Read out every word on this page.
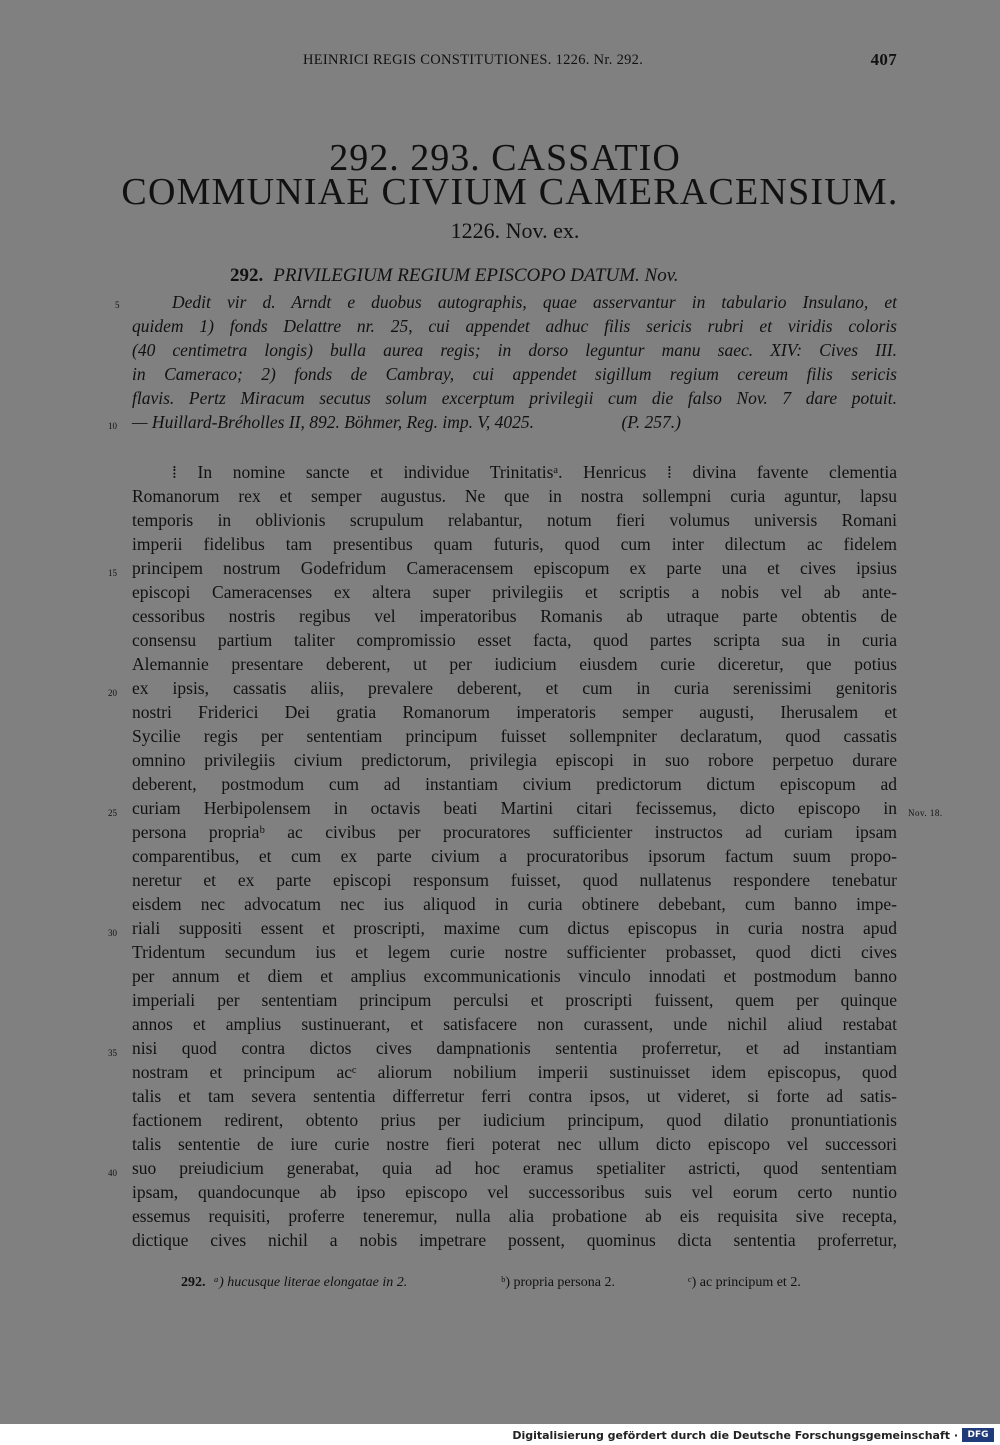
HEINRICI REGIS CONSTITUTIONES. 1226. Nr. 292.	407
292. 293. CASSATIO
COMMUNIAE CIVIUM CAMERACENSIUM.
1226. Nov. ex.
292. PRIVILEGIUM REGIUM EPISCOPO DATUM. Nov.
Dedit vir d. Arndt e duobus autographis, quae asservantur in tabulario Insulano, et
quidem 1) fonds Delattre nr. 25, cui appendet adhuc filis sericis rubri et viridis coloris
(40 centimetra longis) bulla aurea regis; in dorso leguntur manu saec. XIV: Cives III.
in Cameraco; 2) fonds de Cambray, cui appendet sigillum regium cereum filis sericis
flavis. Pertz Miracum secutus solum excerptum privilegii cum die falso Nov. 7 dare potuit.
— Huillard-Bréholles II, 892. Böhmer, Reg. imp. V, 4025.                    (P. 257.)
⁞ In nomine sancte et individue Trinitatisᵃ. Henricus ⁞ divina favente clementia
Romanorum rex et semper augustus. Ne que in nostra sollempni curia aguntur, lapsu
temporis in oblivionis scrupulum relabantur, notum fieri volumus universis Romani
imperii fidelibus tam presentibus quam futuris, quod cum inter dilectum ac fidelem
principem nostrum Godefridum Cameracensem episcopum ex parte una et cives ipsius
episcopi Cameracenses ex altera super privilegiis et scriptis a nobis vel ab ante-
cessoribus nostris regibus vel imperatoribus Romanis ab utraque parte obtentis de
consensu partium taliter compromissio esset facta, quod partes scripta sua in curia
Alemannie presentare deberent, ut per iudicium eiusdem curie diceretur, que potius
ex ipsis, cassatis aliis, prevalere deberent, et cum in curia serenissimi genitoris
nostri Friderici Dei gratia Romanorum imperatoris semper augusti, Iherusalem et
Sycilie regis per sententiam principum fuisset sollempniter declaratum, quod cassatis
omnino privilegiis civium predictorum, privilegia episcopi in suo robore perpetuo durare
deberent, postmodum cum ad instantiam civium predictorum dictum episcopum ad
curiam Herbipolensem in octavis beati Martini citari fecissemus, dicto episcopo in
persona propriaᵇ ac civibus per procuratores sufficienter instructos ad curiam ipsam
comparentibus, et cum ex parte civium a procuratoribus ipsorum factum suum propo-
neretur et ex parte episcopi responsum fuisset, quod nullatenus respondere tenebatur
eisdem nec advocatum nec ius aliquod in curia obtinere debebant, cum banno impe-
riali suppositi essent et proscripti, maxime cum dictus episcopus in curia nostra apud
Tridentum secundum ius et legem curie nostre sufficienter probasset, quod dicti cives
per annum et diem et amplius excommunicationis vinculo innodati et postmodum banno
imperiali per sententiam principum perculsi et proscripti fuissent, quem per quinque
annos et amplius sustinuerant, et satisfacere non curassent, unde nichil aliud restabat
nisi quod contra dictos cives dampnationis sententia proferretur, et ad instantiam
nostram et principum acᶜ aliorum nobilium imperii sustinuisset idem episcopus, quod
talis et tam severa sententia differretur ferri contra ipsos, ut videret, si forte ad satis-
factionem redirent, obtento prius per iudicium principum, quod dilatio pronuntiationis
talis sententie de iure curie nostre fieri poterat nec ullum dicto episcopo vel successori
suo preiudicium generabat, quia ad hoc eramus spetialiter astricti, quod sententiam
ipsam, quandocunque ab ipso episcopo vel successoribus suis vel eorum certo nuntio
essemus requisiti, proferre teneremur, nulla alia probatione ab eis requisita sive recepta,
dictique cives nichil a nobis impetrare possent, quominus dicta sententia proferretur,
5
10
15
20
25
30
35
40
Nov. 18.
292. ᵃ) hucusque literae elongatae in 2.	ᵇ) propria persona 2.	ᶜ) ac principum et 2.
Digitalisierung gefördert durch die Deutsche Forschungsgemeinschaft ·	DFG
